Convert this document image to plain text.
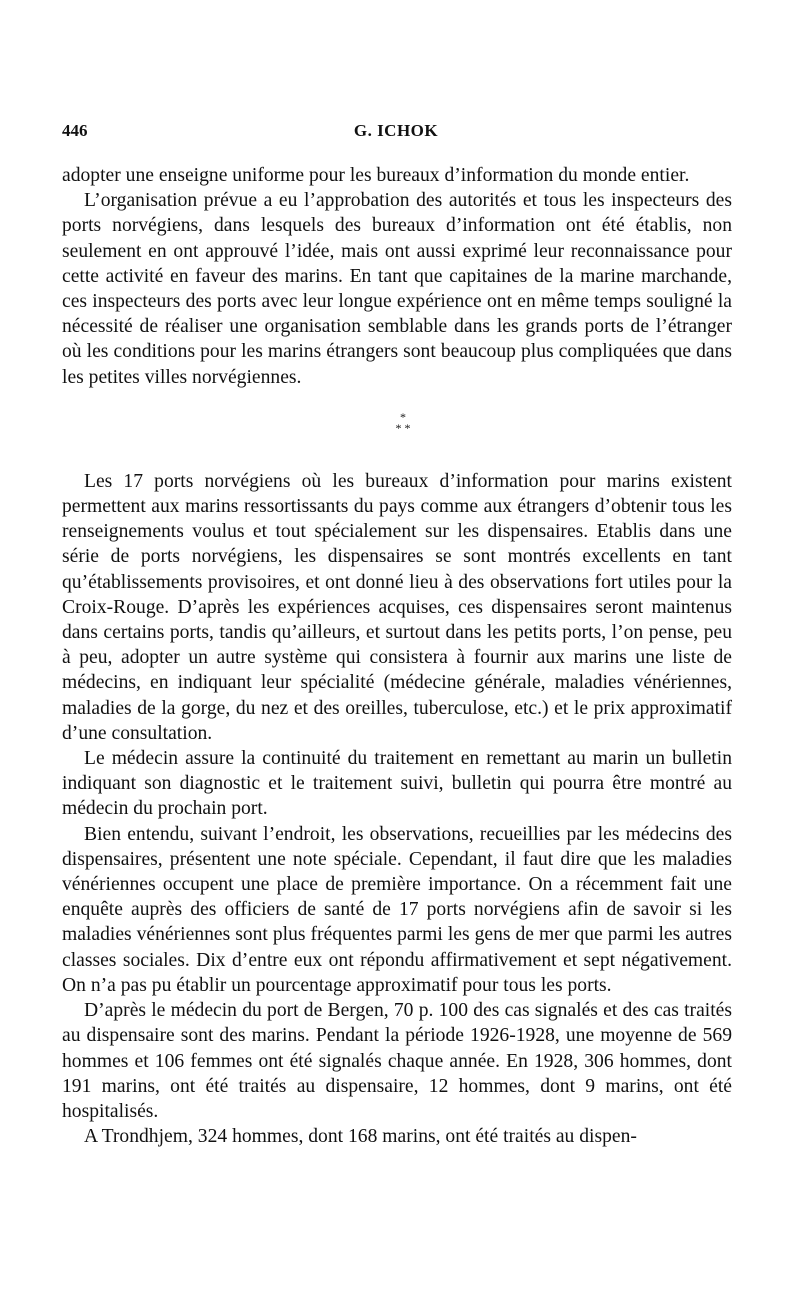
446	G. ICHOK

adopter une enseigne uniforme pour les bureaux d’information du monde entier.

L’organisation prévue a eu l’approbation des autorités et tous les inspecteurs des ports norvégiens, dans lesquels des bureaux d’information ont été établis, non seulement en ont approuvé l’idée, mais ont aussi exprimé leur reconnaissance pour cette activité en faveur des marins. En tant que capitaines de la marine marchande, ces inspecteurs des ports avec leur longue expérience ont en même temps souligné la nécessité de réaliser une organisation semblable dans les grands ports de l’étranger où les conditions pour les marins étrangers sont beaucoup plus compliquées que dans les petites villes norvégiennes.

*
* *

Les 17 ports norvégiens où les bureaux d’information pour marins existent permettent aux marins ressortissants du pays comme aux étrangers d’obtenir tous les renseignements voulus et tout spécialement sur les dispensaires. Etablis dans une série de ports norvégiens, les dispensaires se sont montrés excellents en tant qu’établissements provisoires, et ont donné lieu à des observations fort utiles pour la Croix-Rouge. D’après les expériences acquises, ces dispensaires seront maintenus dans certains ports, tandis qu’ailleurs, et surtout dans les petits ports, l’on pense, peu à peu, adopter un autre système qui consistera à fournir aux marins une liste de médecins, en indiquant leur spécialité (médecine générale, maladies vénériennes, maladies de la gorge, du nez et des oreilles, tuberculose, etc.) et le prix approximatif d’une consultation.

Le médecin assure la continuité du traitement en remettant au marin un bulletin indiquant son diagnostic et le traitement suivi, bulletin qui pourra être montré au médecin du prochain port.

Bien entendu, suivant l’endroit, les observations, recueillies par les médecins des dispensaires, présentent une note spéciale. Cependant, il faut dire que les maladies vénériennes occupent une place de première importance. On a récemment fait une enquête auprès des officiers de santé de 17 ports norvégiens afin de savoir si les maladies vénériennes sont plus fréquentes parmi les gens de mer que parmi les autres classes sociales. Dix d’entre eux ont répondu affirmativement et sept négativement. On n’a pas pu établir un pourcentage approximatif pour tous les ports.

D’après le médecin du port de Bergen, 70 p. 100 des cas signalés et des cas traités au dispensaire sont des marins. Pendant la période 1926-1928, une moyenne de 569 hommes et 106 femmes ont été signalés chaque année. En 1928, 306 hommes, dont 191 marins, ont été traités au dispensaire, 12 hommes, dont 9 marins, ont été hospitalisés.

A Trondhjem, 324 hommes, dont 168 marins, ont été traités au dispen-
